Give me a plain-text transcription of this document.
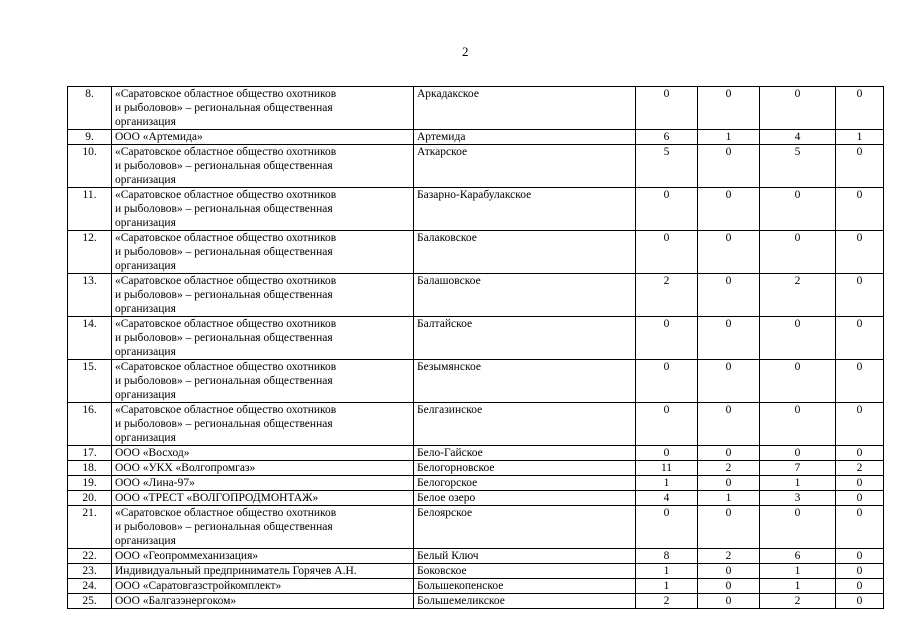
2
8.	«Саратовское областное общество охотников
и рыболовов» – региональная общественная
организация	Аркадакское	0	0	0	0
9.	ООО «Артемида»	Артемида	6	1	4	1
10.	«Саратовское областное общество охотников
и рыболовов» – региональная общественная
организация	Аткарское	5	0	5	0
11.	«Саратовское областное общество охотников
и рыболовов» – региональная общественная
организация	Базарно-Карабулакское	0	0	0	0
12.	«Саратовское областное общество охотников
и рыболовов» – региональная общественная
организация	Балаковское	0	0	0	0
13.	«Саратовское областное общество охотников
и рыболовов» – региональная общественная
организация	Балашовское	2	0	2	0
14.	«Саратовское областное общество охотников
и рыболовов» – региональная общественная
организация	Балтайское	0	0	0	0
15.	«Саратовское областное общество охотников
и рыболовов» – региональная общественная
организация	Безымянское	0	0	0	0
16.	«Саратовское областное общество охотников
и рыболовов» – региональная общественная
организация	Белгазинское	0	0	0	0
17.	ООО «Восход»	Бело-Гайское	0	0	0	0
18.	ООО «УКХ «Волгопромгаз»	Белогорновское	11	2	7	2
19.	ООО «Лина-97»	Белогорское	1	0	1	0
20.	ООО «ТРЕСТ «ВОЛГОПРОДМОНТАЖ»	Белое озеро	4	1	3	0
21.	«Саратовское областное общество охотников
и рыболовов» – региональная общественная
организация	Белоярское	0	0	0	0
22.	ООО «Геопроммеханизация»	Белый Ключ	8	2	6	0
23.	Индивидуальный предприниматель Горячев А.Н.	Боковское	1	0	1	0
24.	ООО «Саратовгазстройкомплект»	Большекопенское	1	0	1	0
25.	ООО «Балгазэнергоком»	Большемеликское	2	0	2	0
